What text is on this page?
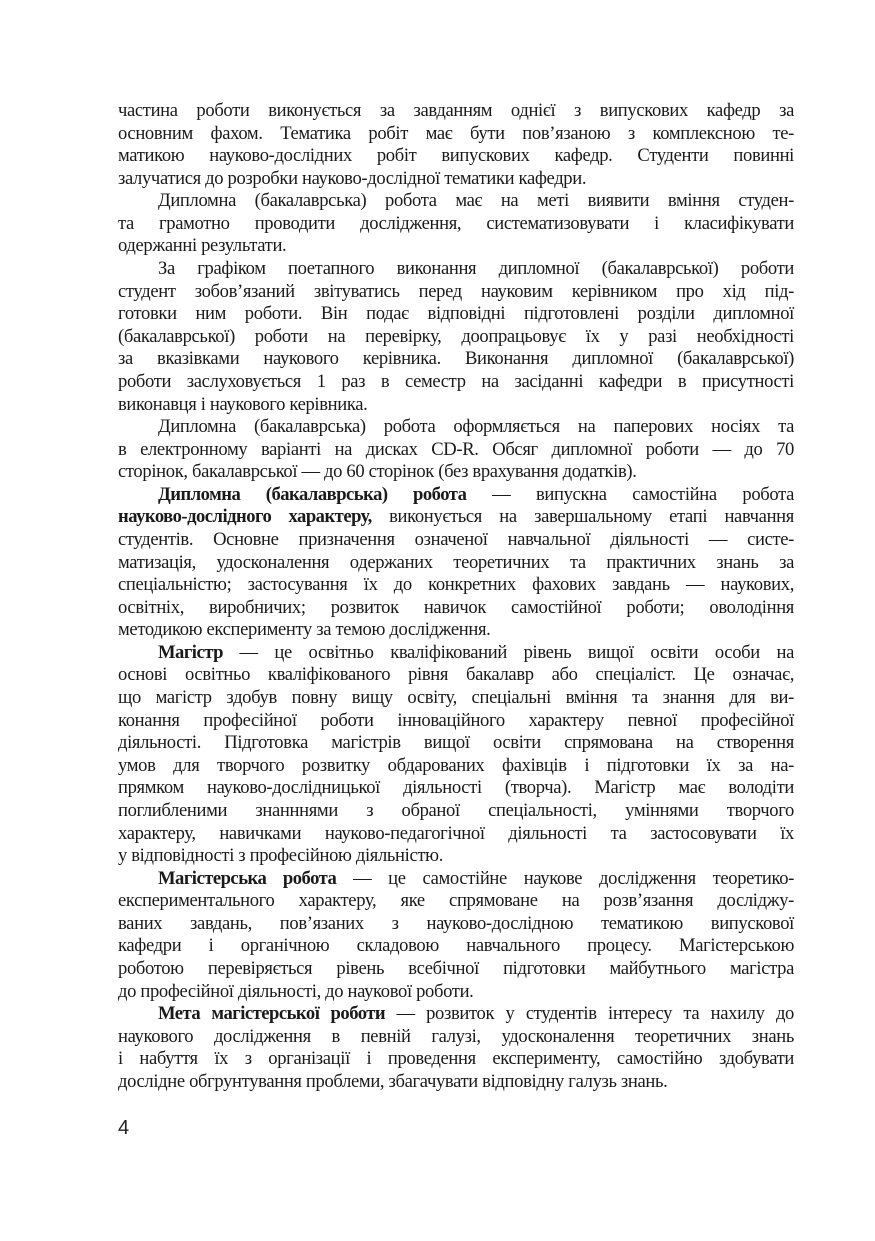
частина роботи виконується за завданням однієї з випускових кафедр за
основним фахом. Тематика робіт має бути пов’язаною з комплексною те-
матикою науково-дослідних робіт випускових кафедр. Студенти повинні
залучатися до розробки науково-дослідної тематики кафедри.
Дипломна (бакалаврська) робота має на меті виявити вміння студен-
та грамотно проводити дослідження, систематизовувати і класифікувати
одержанні результати.
За графіком поетапного виконання дипломної (бакалаврської) роботи
студент зобов’язаний звітуватись перед науковим керівником про хід під-
готовки ним роботи. Він подає відповідні підготовлені розділи дипломної
(бакалаврської) роботи на перевірку, доопрацьовує їх у разі необхідності
за вказівками наукового керівника. Виконання дипломної (бакалаврської)
роботи заслуховується 1 раз в семестр на засіданні кафедри в присутності
виконавця і наукового керівника.
Дипломна (бакалаврська) робота оформляється на паперових носіях та
в електронному варіанті на дисках CD-R. Обсяг дипломної роботи — до 70
сторінок, бакалаврської — до 60 сторінок (без врахування додатків).
Дипломна (бакалаврська) робота — випускна самостійна робота
науково-дослідного характеру, виконується на завершальному етапі навчання
студентів. Основне призначення означеної навчальної діяльності — систе-
матизація, удосконалення одержаних теоретичних та практичних знань за
спеціальністю; застосування їх до конкретних фахових завдань — наукових,
освітніх, виробничих; розвиток навичок самостійної роботи; оволодіння
методикою експерименту за темою дослідження.
Магістр — це освітньо кваліфікований рівень вищої освіти особи на
основі освітньо кваліфікованого рівня бакалавр або спеціаліст. Це означає,
що магістр здобув повну вищу освіту, спеціальні вміння та знання для ви-
конання професійної роботи інноваційного характеру певної професійної
діяльності. Підготовка магістрів вищої освіти спрямована на створення
умов для творчого розвитку обдарованих фахівців і підготовки їх за на-
прямком науково-дослідницької діяльності (творча). Магістр має володіти
поглибленими знанннями з обраної спеціальності, уміннями творчого
характеру, навичками науково-педагогічної діяльності та застосовувати їх
у відповідності з професійною діяльністю.
Магістерська робота — це самостійне наукове дослідження теоретико-
експериментального характеру, яке спрямоване на розв’язання досліджу-
ваних завдань, пов’язаних з науково-дослідною тематикою випускової
кафедри і органічною складовою навчального процесу. Магістерською
роботою перевіряється рівень всебічної підготовки майбутнього магістра
до професійної діяльності, до наукової роботи.
Мета магістерської роботи — розвиток у студентів інтересу та нахилу до
наукового дослідження в певній галузі, удосконалення теоретичних знань
і набуття їх з організації і проведення експерименту, самостійно здобувати
дослідне обгрунтування проблеми, збагачувати відповідну галузь знань.
4
